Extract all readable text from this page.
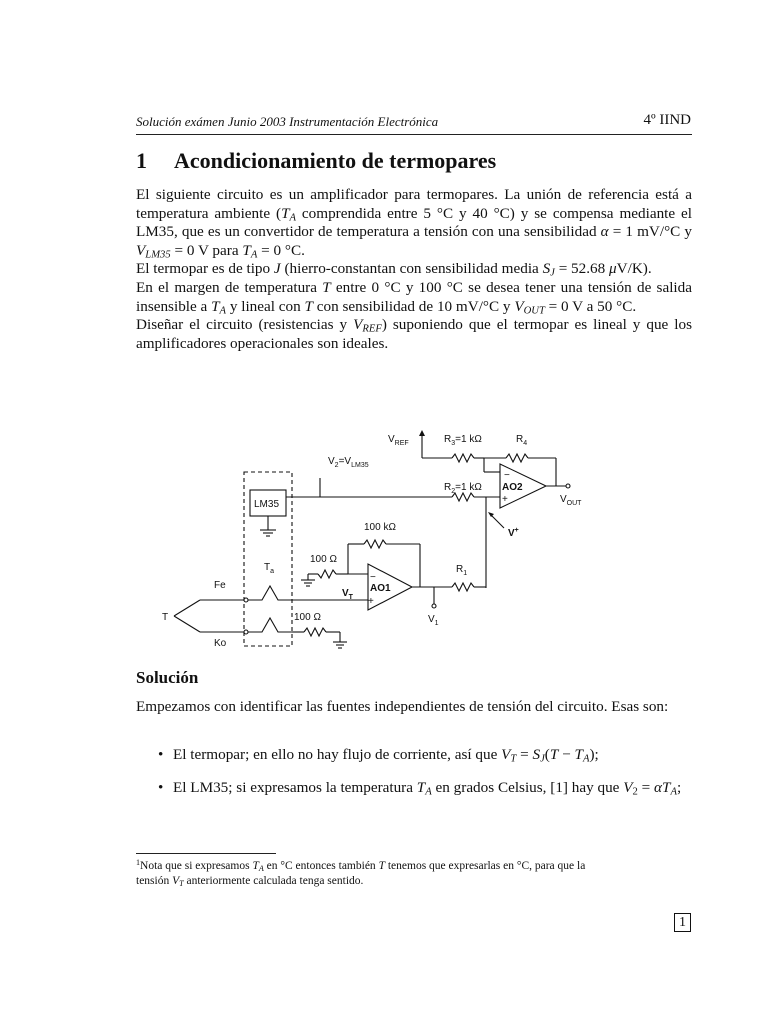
Solución exámen Junio 2003 Instrumentación Electrónica	4º IIND
1 Acondicionamiento de termopares

El siguiente circuito es un amplificador para termopares. La unión de referencia está a temperatura ambiente ($T_A$ comprendida entre 5 °C y 40 °C) y se compensa mediante el LM35, que es un convertidor de temperatura a tensión con una sensibilidad α = 1 mV/°C y $V_{LM35} = 0$ V para $T_A = 0$ °C.

El termopar es de tipo J (hierro-constantan con sensibilidad media $S_J = 52.68$ μV/K).

En el margen de temperatura T entre 0 °C y 100 °C se desea tener una tensión de salida insensible a $T_A$ y lineal con T con sensibilidad de 10 mV/°C y $V_{OUT} = 0$ V a 50 °C.

Diseñar el circuito (resistencias y $V_{REF}$) suponiendo que el termopar es lineal y que los amplificadores operacionales son ideales.

$V_{REF}$	$R_3=1$ kΩ	$R_4$
$V_2=V_{LM35}$
$R_2=1$ kΩ AO2
−
+	$V_{OUT}$
V+
LM35
100 kΩ
100 Ω
$T_a$	$R_1$
Fe
$V_T$
AO1
−
+
T	$V_1$
100 Ω
Ko
Solución

Empezamos con identificar las fuentes independientes de tensión del circuito. Esas son:

• El termopar; en ello no hay flujo de corriente, así que $V_T = S_J(T - T_A)$;
• El LM35; si expresamos la temperatura $T_A$ en grados Celsius, [1] hay que $V_2 = \alpha T_A$;
$^1$Nota que si expresamos $T_A$ en °C entonces también T tenemos que expresarlas en °C, para que la tensión $V_T$ anteriormente calculada tenga sentido.
1
